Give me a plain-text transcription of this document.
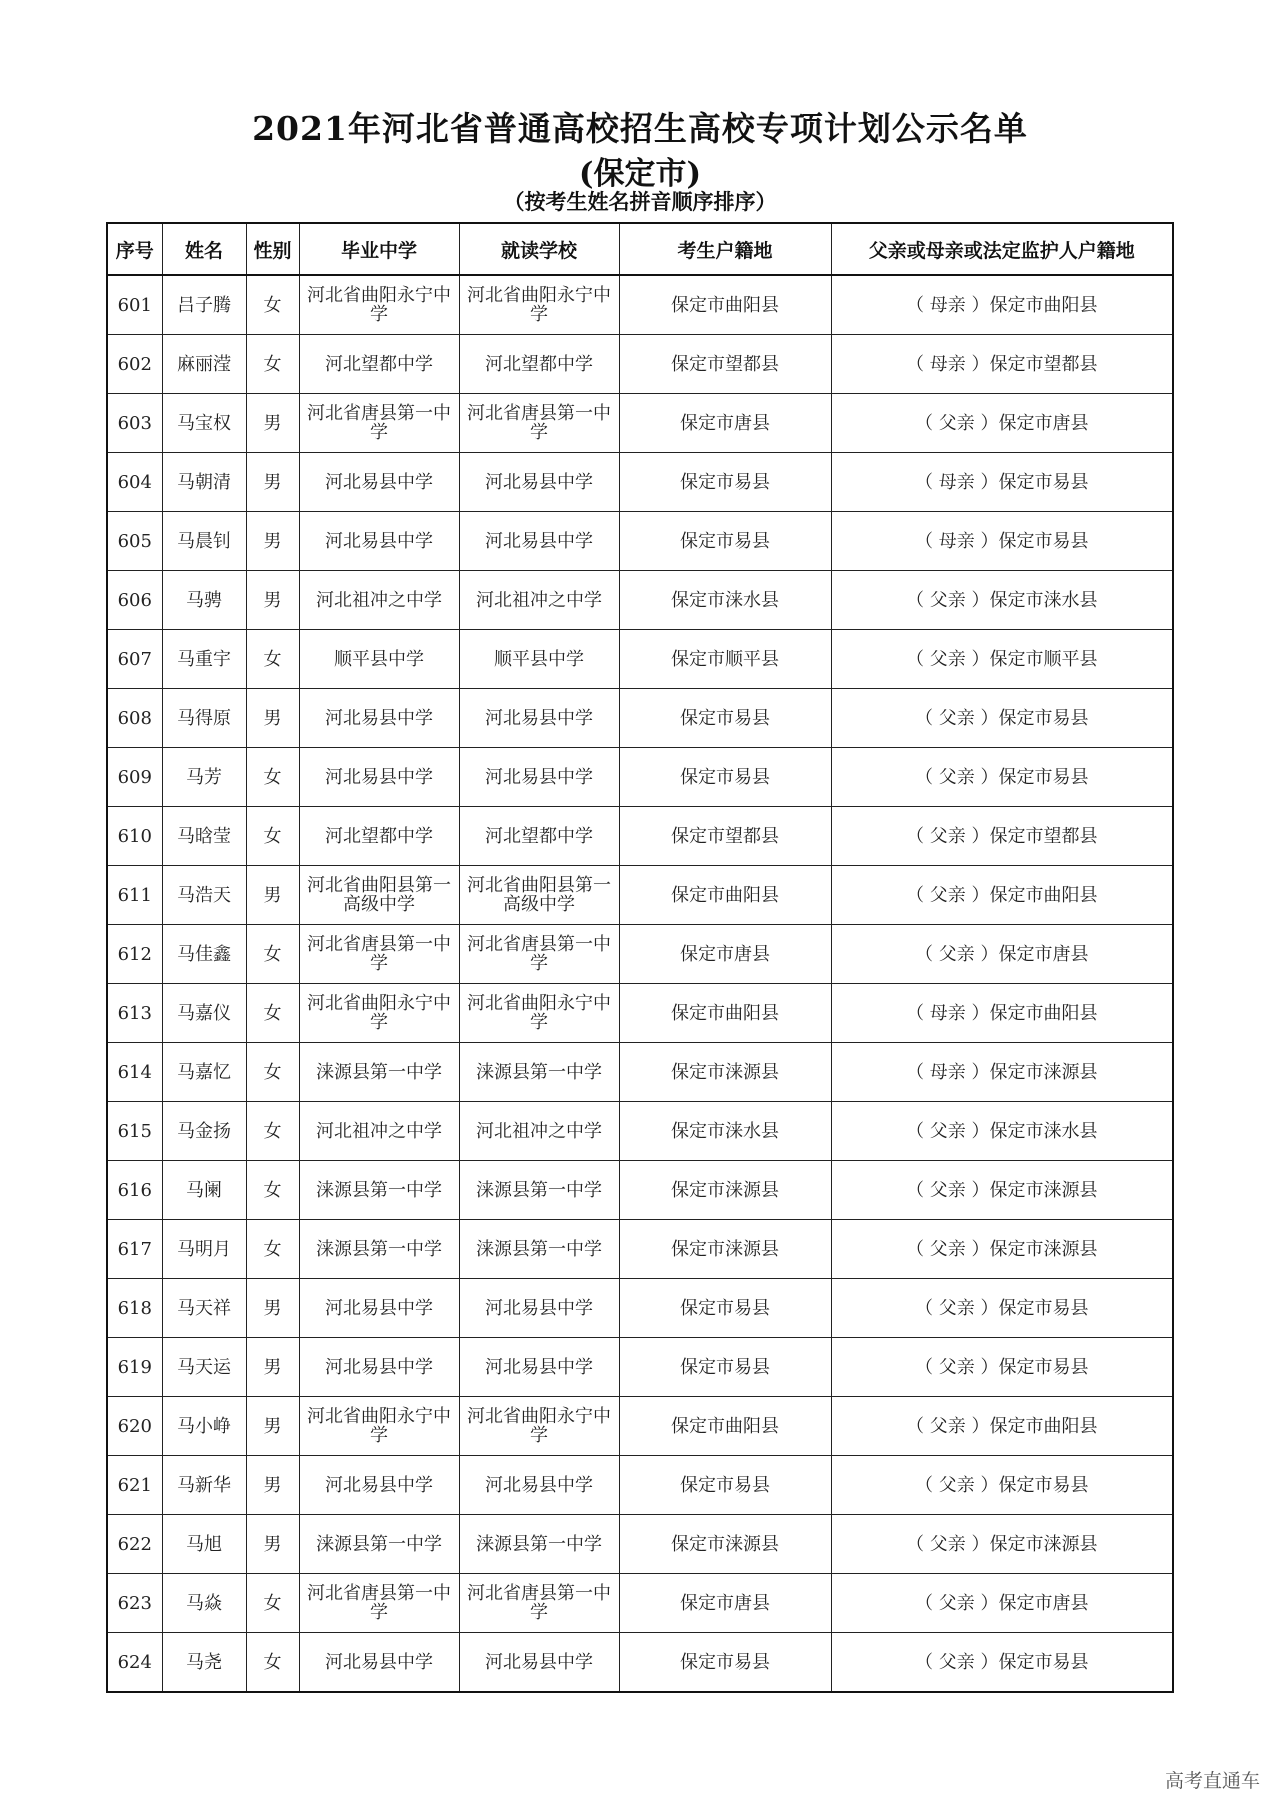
2021年河北省普通高校招生高校专项计划公示名单
(保定市)
（按考生姓名拼音顺序排序）
序号	姓名	性别	毕业中学	就读学校	考生户籍地	父亲或母亲或法定监护人户籍地
601	吕子腾	女	河北省曲阳永宁中学	河北省曲阳永宁中学	保定市曲阳县	（ 母亲 ）保定市曲阳县
602	麻丽滢	女	河北望都中学	河北望都中学	保定市望都县	（ 母亲 ）保定市望都县
603	马宝权	男	河北省唐县第一中学	河北省唐县第一中学	保定市唐县	（ 父亲 ）保定市唐县
604	马朝清	男	河北易县中学	河北易县中学	保定市易县	（ 母亲 ）保定市易县
605	马晨钊	男	河北易县中学	河北易县中学	保定市易县	（ 母亲 ）保定市易县
606	马骋	男	河北祖冲之中学	河北祖冲之中学	保定市涞水县	（ 父亲 ）保定市涞水县
607	马重宇	女	顺平县中学	顺平县中学	保定市顺平县	（ 父亲 ）保定市顺平县
608	马得原	男	河北易县中学	河北易县中学	保定市易县	（ 父亲 ）保定市易县
609	马芳	女	河北易县中学	河北易县中学	保定市易县	（ 父亲 ）保定市易县
610	马晗莹	女	河北望都中学	河北望都中学	保定市望都县	（ 父亲 ）保定市望都县
611	马浩天	男	河北省曲阳县第一高级中学	河北省曲阳县第一高级中学	保定市曲阳县	（ 父亲 ）保定市曲阳县
612	马佳鑫	女	河北省唐县第一中学	河北省唐县第一中学	保定市唐县	（ 父亲 ）保定市唐县
613	马嘉仪	女	河北省曲阳永宁中学	河北省曲阳永宁中学	保定市曲阳县	（ 母亲 ）保定市曲阳县
614	马嘉忆	女	涞源县第一中学	涞源县第一中学	保定市涞源县	（ 母亲 ）保定市涞源县
615	马金扬	女	河北祖冲之中学	河北祖冲之中学	保定市涞水县	（ 父亲 ）保定市涞水县
616	马阑	女	涞源县第一中学	涞源县第一中学	保定市涞源县	（ 父亲 ）保定市涞源县
617	马明月	女	涞源县第一中学	涞源县第一中学	保定市涞源县	（ 父亲 ）保定市涞源县
618	马天祥	男	河北易县中学	河北易县中学	保定市易县	（ 父亲 ）保定市易县
619	马天运	男	河北易县中学	河北易县中学	保定市易县	（ 父亲 ）保定市易县
620	马小峥	男	河北省曲阳永宁中学	河北省曲阳永宁中学	保定市曲阳县	（ 父亲 ）保定市曲阳县
621	马新华	男	河北易县中学	河北易县中学	保定市易县	（ 父亲 ）保定市易县
622	马旭	男	涞源县第一中学	涞源县第一中学	保定市涞源县	（ 父亲 ）保定市涞源县
623	马焱	女	河北省唐县第一中学	河北省唐县第一中学	保定市唐县	（ 父亲 ）保定市唐县
624	马尧	女	河北易县中学	河北易县中学	保定市易县	（ 父亲 ）保定市易县
高考直通车
